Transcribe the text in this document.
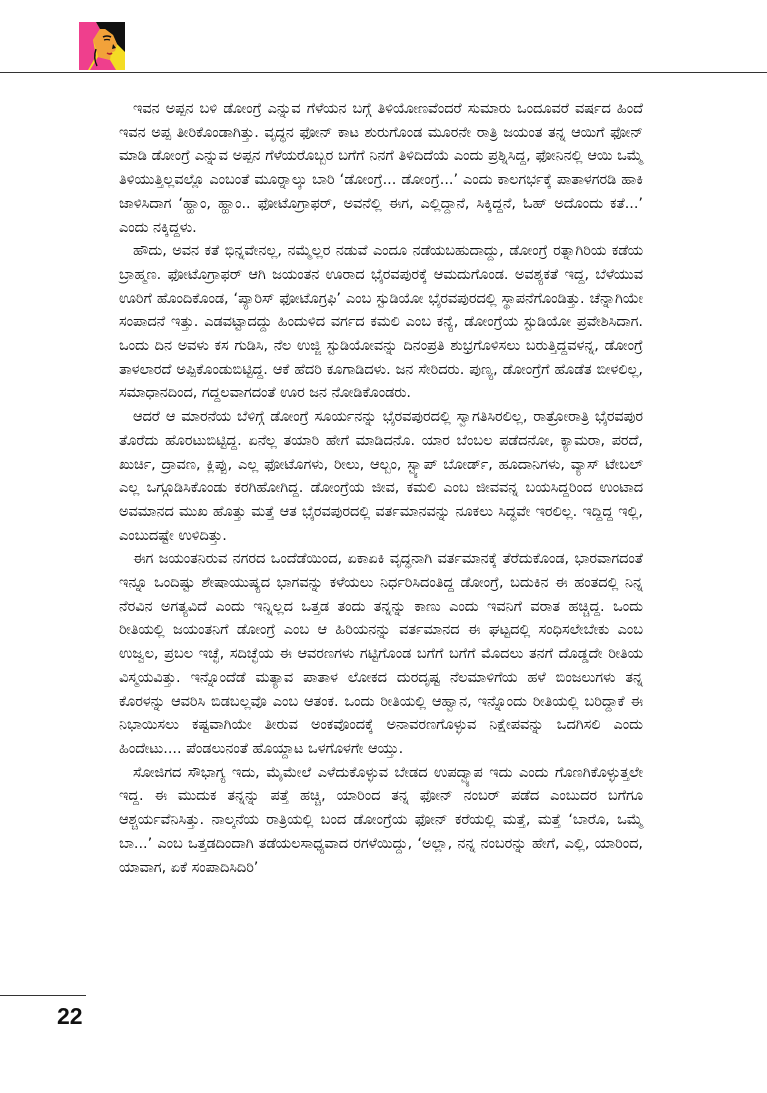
ಇವನ ಅಪ್ಪನ ಬಳಿ ಡೋಂಗ್ರೆ ಎನ್ನುವ ಗೆಳೆಯನ ಬಗ್ಗೆ ತಿಳಿಯೋಣವೆಂದರೆ ಸುಮಾರು ಒಂದೂವರೆ ವರ್ಷದ ಹಿಂದೆ ಇವನ ಅಪ್ಪ ತೀರಿಕೊಂಡಾಗಿತ್ತು. ವೃದ್ಧನ ಫೋನ್ ಕಾಟ ಶುರುಗೊಂಡ ಮೂರನೇ ರಾತ್ರಿ ಜಯಂತ ತನ್ನ ಆಯಿಗೆ ಫೋನ್ ಮಾಡಿ ಡೋಂಗ್ರೆ ಎನ್ನುವ ಅಪ್ಪನ ಗೆಳೆಯರೊಬ್ಬರ ಬಗೆಗೆ ನಿನಗೆ ತಿಳಿದಿದೆಯೆ ಎಂದು ಪ್ರಶ್ನಿಸಿದ್ದ, ಫೋನಿನಲ್ಲಿ ಆಯಿ ಒಮ್ಮೆ ತಿಳಿಯುತ್ತಿಲ್ಲವಲ್ಲೊ ಎಂಬಂತೆ ಮೂರ್‍ನಾಲ್ಕು ಬಾರಿ ‘ಡೋಂಗ್ರೆ... ಡೋಂಗ್ರೆ...’ ಎಂದು ಕಾಲಗರ್ಭಕ್ಕೆ ಪಾತಾಳಗರಡಿ ಹಾಕಿ ಜಾಳಿಸಿದಾಗ ‘ಹ್ಹಾಂ, ಹ್ಹಾಂ.. ಫೋಟೊಗ್ರಾಫರ್, ಅವನೆಲ್ಲಿ ಈಗ, ಎಲ್ಲಿದ್ದಾನೆ, ಸಿಕ್ಕಿದ್ದನೆ, ಓಹ್ ಅದೊಂದು ಕತೆ...’ ಎಂದು ನಕ್ಕಿದ್ದಳು.

ಹೌದು, ಅವನ ಕತೆ ಭಿನ್ನವೇನಲ್ಲ, ನಮ್ಮೆಲ್ಲರ ನಡುವೆ ಎಂದೂ ನಡೆಯಬಹುದಾದ್ದು, ಡೋಂಗ್ರೆ ರತ್ನಾಗಿರಿಯ ಕಡೆಯ ಬ್ರಾಹ್ಮಣ. ಫೋಟೊಗ್ರಾಫರ್ ಆಗಿ ಜಯಂತನ ಊರಾದ ಭೈರವಪುರಕ್ಕೆ ಆಮದುಗೊಂಡ. ಅವಶ್ಯಕತೆ ಇದ್ದ, ಬೆಳೆಯುವ ಊರಿಗೆ ಹೊಂದಿಕೊಂಡ, ‘ಪ್ಯಾರಿಸ್ ಫೋಟೊಗ್ರಫಿ’ ಎಂಬ ಸ್ಟುಡಿಯೋ ಭೈರವಪುರದಲ್ಲಿ ಸ್ಥಾಪನೆಗೊಂಡಿತ್ತು. ಚೆನ್ನಾಗಿಯೇ ಸಂಪಾದನೆ ಇತ್ತು. ಎಡವಟ್ಟಾದದ್ದು ಹಿಂದುಳಿದ ವರ್ಗದ ಕಮಲಿ ಎಂಬ ಕನ್ಯೆ, ಡೋಂಗ್ರೆಯ ಸ್ಟುಡಿಯೋ ಪ್ರವೇಶಿಸಿದಾಗ. ಒಂದು ದಿನ ಅವಳು ಕಸ ಗುಡಿಸಿ, ನೆಲ ಉಜ್ಜಿ ಸ್ಟುಡಿಯೋವನ್ನು ದಿನಂಪ್ರತಿ ಶುಭ್ರಗೊಳಿಸಲು ಬರುತ್ತಿದ್ದವಳನ್ನ, ಡೋಂಗ್ರೆ ತಾಳಲಾರದೆ ಅಪ್ಪಿಕೊಂಡುಬಿಟ್ಟಿದ್ದ. ಆಕೆ ಹೆದರಿ ಕೂಗಾಡಿದಳು. ಜನ ಸೇರಿದರು. ಪುಣ್ಯ, ಡೋಂಗ್ರೆಗೆ ಹೊಡೆತ ಬೀಳಲಿಲ್ಲ, ಸಮಾಧಾನದಿಂದ, ಗದ್ದಲವಾಗದಂತೆ ಊರ ಜನ ನೋಡಿಕೊಂಡರು.

ಆದರೆ ಆ ಮಾರನೆಯ ಬೆಳಿಗ್ಗೆ ಡೋಂಗ್ರೆ ಸೂರ್ಯನನ್ನು ಭೈರವಪುರದಲ್ಲಿ ಸ್ವಾಗತಿಸಿರಲಿಲ್ಲ, ರಾತ್ರೋರಾತ್ರಿ ಭೈರವಪುರ ತೊರೆದು ಹೊರಟುಬಿಟ್ಟಿದ್ದ. ಏನೆಲ್ಲ ತಯಾರಿ ಹೇಗೆ ಮಾಡಿದನೊ. ಯಾರ ಬೆಂಬಲ ಪಡೆದನೋ, ಕ್ಯಾಮರಾ, ಪರದೆ, ಖುರ್ಚಿ, ದ್ರಾವಣ, ಕ್ಲಿಪ್ಪು, ಎಲ್ಲ ಫೋಟೊಗಳು, ರೀಲು, ಆಲ್ಬಂ, ಸ್ಟ್ಯಾಪ್ ಬೋರ್ಡ್, ಹೂದಾನಿಗಳು, ವ್ಯಾಸ್ ಟೇಬಲ್ ಎಲ್ಲ ಒಗ್ಗೂಡಿಸಿಕೊಂಡು ಕರಗಿಹೋಗಿದ್ದ. ಡೋಂಗ್ರೆಯ ಜೀವ, ಕಮಲಿ ಎಂಬ ಜೀವವನ್ನ ಬಯಸಿದ್ದರಿಂದ ಉಂಟಾದ ಅವಮಾನದ ಮುಖ ಹೊತ್ತು ಮತ್ತೆ ಆತ ಭೈರವಪುರದಲ್ಲಿ ವರ್ತಮಾನವನ್ನು ನೂಕಲು ಸಿದ್ಧವೇ ಇರಲಿಲ್ಲ. ಇದ್ದಿದ್ದ ಇಲ್ಲಿ, ಎಂಬುದಷ್ಟೇ ಉಳಿದಿತ್ತು.

ಈಗ ಜಯಂತನಿರುವ ನಗರದ ಒಂದೆಡೆಯಿಂದ, ಏಕಾಏಕಿ ವೃದ್ಧನಾಗಿ ವರ್ತಮಾನಕ್ಕೆ ತೆರೆದುಕೊಂಡ, ಭಾರವಾಗದಂತೆ ಇನ್ನೂ ಒಂದಿಷ್ಟು ಶೇಷಾಯುಷ್ಯದ ಭಾಗವನ್ನು ಕಳೆಯಲು ನಿರ್ಧರಿಸಿದಂತಿದ್ದ ಡೋಂಗ್ರೆ, ಬದುಕಿನ ಈ ಹಂತದಲ್ಲಿ ನಿನ್ನ ನೆರವಿನ ಅಗತ್ಯವಿದೆ ಎಂದು ಇನ್ನಿಲ್ಲದ ಒತ್ತಡ ತಂದು ತನ್ನನ್ನು ಕಾಣು ಎಂದು ಇವನಿಗೆ ವರಾತ ಹಚ್ಚಿದ್ದ. ಒಂದು ರೀತಿಯಲ್ಲಿ ಜಯಂತನಿಗೆ ಡೋಂಗ್ರೆ ಎಂಬ ಆ ಹಿರಿಯನನ್ನು ವರ್ತಮಾನದ ಈ ಘಟ್ಟದಲ್ಲಿ ಸಂಧಿಸಲೇಬೇಕು ಎಂಬ ಉಜ್ವಲ, ಪ್ರಬಲ ಇಚ್ಛೆ, ಸದಿಚ್ಛೆಯ ಈ ಆವರಣಗಳು ಗಟ್ಟಿಗೊಂಡ ಬಗೆಗೆ ಬಗೆಗೆ ಮೊದಲು ತನಗೆ ದೊಡ್ಡದೇ ರೀತಿಯ ವಿಸ್ಮಯವಿತ್ತು. ಇನ್ನೊಂದೆಡೆ ಮತ್ಯಾವ ಪಾತಾಳ ಲೋಕದ ದುರದೃಷ್ಟ ನೆಲಮಾಳಿಗೆಯ ಹಳೆ ಬಿಂಜಲುಗಳು ತನ್ನ ಕೊರಳನ್ನು ಆವರಿಸಿ ಬಿಡಬಲ್ಲವೊ ಎಂಬ ಆತಂಕ. ಒಂದು ರೀತಿಯಲ್ಲಿ ಆಹ್ವಾನ, ಇನ್ನೊಂದು ರೀತಿಯಲ್ಲಿ ಬರಿದ್ದಾಕೆ ಈ ನಿಭಾಯಿಸಲು ಕಷ್ಟವಾಗಿಯೇ ತೀರುವ ಅಂಕವೊಂದಕ್ಕೆ ಅನಾವರಣಗೊಳ್ಳುವ ನಿಕ್ಷೇಪವನ್ನು ಒದಗಿಸಲಿ ಎಂದು ಹಿಂದೇಟು.... ಪೆಂಡಲುನಂತೆ ಹೊಯ್ದಾಟ ಒಳಗೊಳಗೇ ಆಯ್ತು.

ಸೋಜಿಗದ ಸೌಭಾಗ್ಯ ಇದು, ಮೈಮೇಲೆ ಎಳೆದುಕೊಳ್ಳುವ ಬೇಡದ ಉಪದ್ವ್ಯಾಪ ಇದು ಎಂದು ಗೊಣಗಿಕೊಳ್ಳುತ್ತಲೇ ಇದ್ದ. ಈ ಮುದುಕ ತನ್ನನ್ನು ಪತ್ತೆ ಹಚ್ಚಿ, ಯಾರಿಂದ ತನ್ನ ಫೋನ್ ನಂಬರ್ ಪಡೆದ ಎಂಬುದರ ಬಗೆಗೂ ಆಶ್ಚರ್ಯವೆನಿಸಿತ್ತು. ನಾಲ್ಕನೆಯ ರಾತ್ರಿಯಲ್ಲಿ ಬಂದ ಡೋಂಗ್ರೆಯ ಫೋನ್ ಕರೆಯಲ್ಲಿ ಮತ್ತೆ, ಮತ್ತೆ ‘ಬಾರೊ, ಒಮ್ಮೆ ಬಾ...’ ಎಂಬ ಒತ್ತಡದಿಂದಾಗಿ ತಡೆಯಲಸಾಧ್ಯವಾದ ರಗಳೆಯಿದ್ದು, ‘ಅಲ್ಲಾ, ನನ್ನ ನಂಬರನ್ನು ಹೇಗೆ, ಎಲ್ಲಿ, ಯಾರಿಂದ, ಯಾವಾಗ, ಏಕೆ ಸಂಪಾದಿಸಿದಿರಿ’

22
